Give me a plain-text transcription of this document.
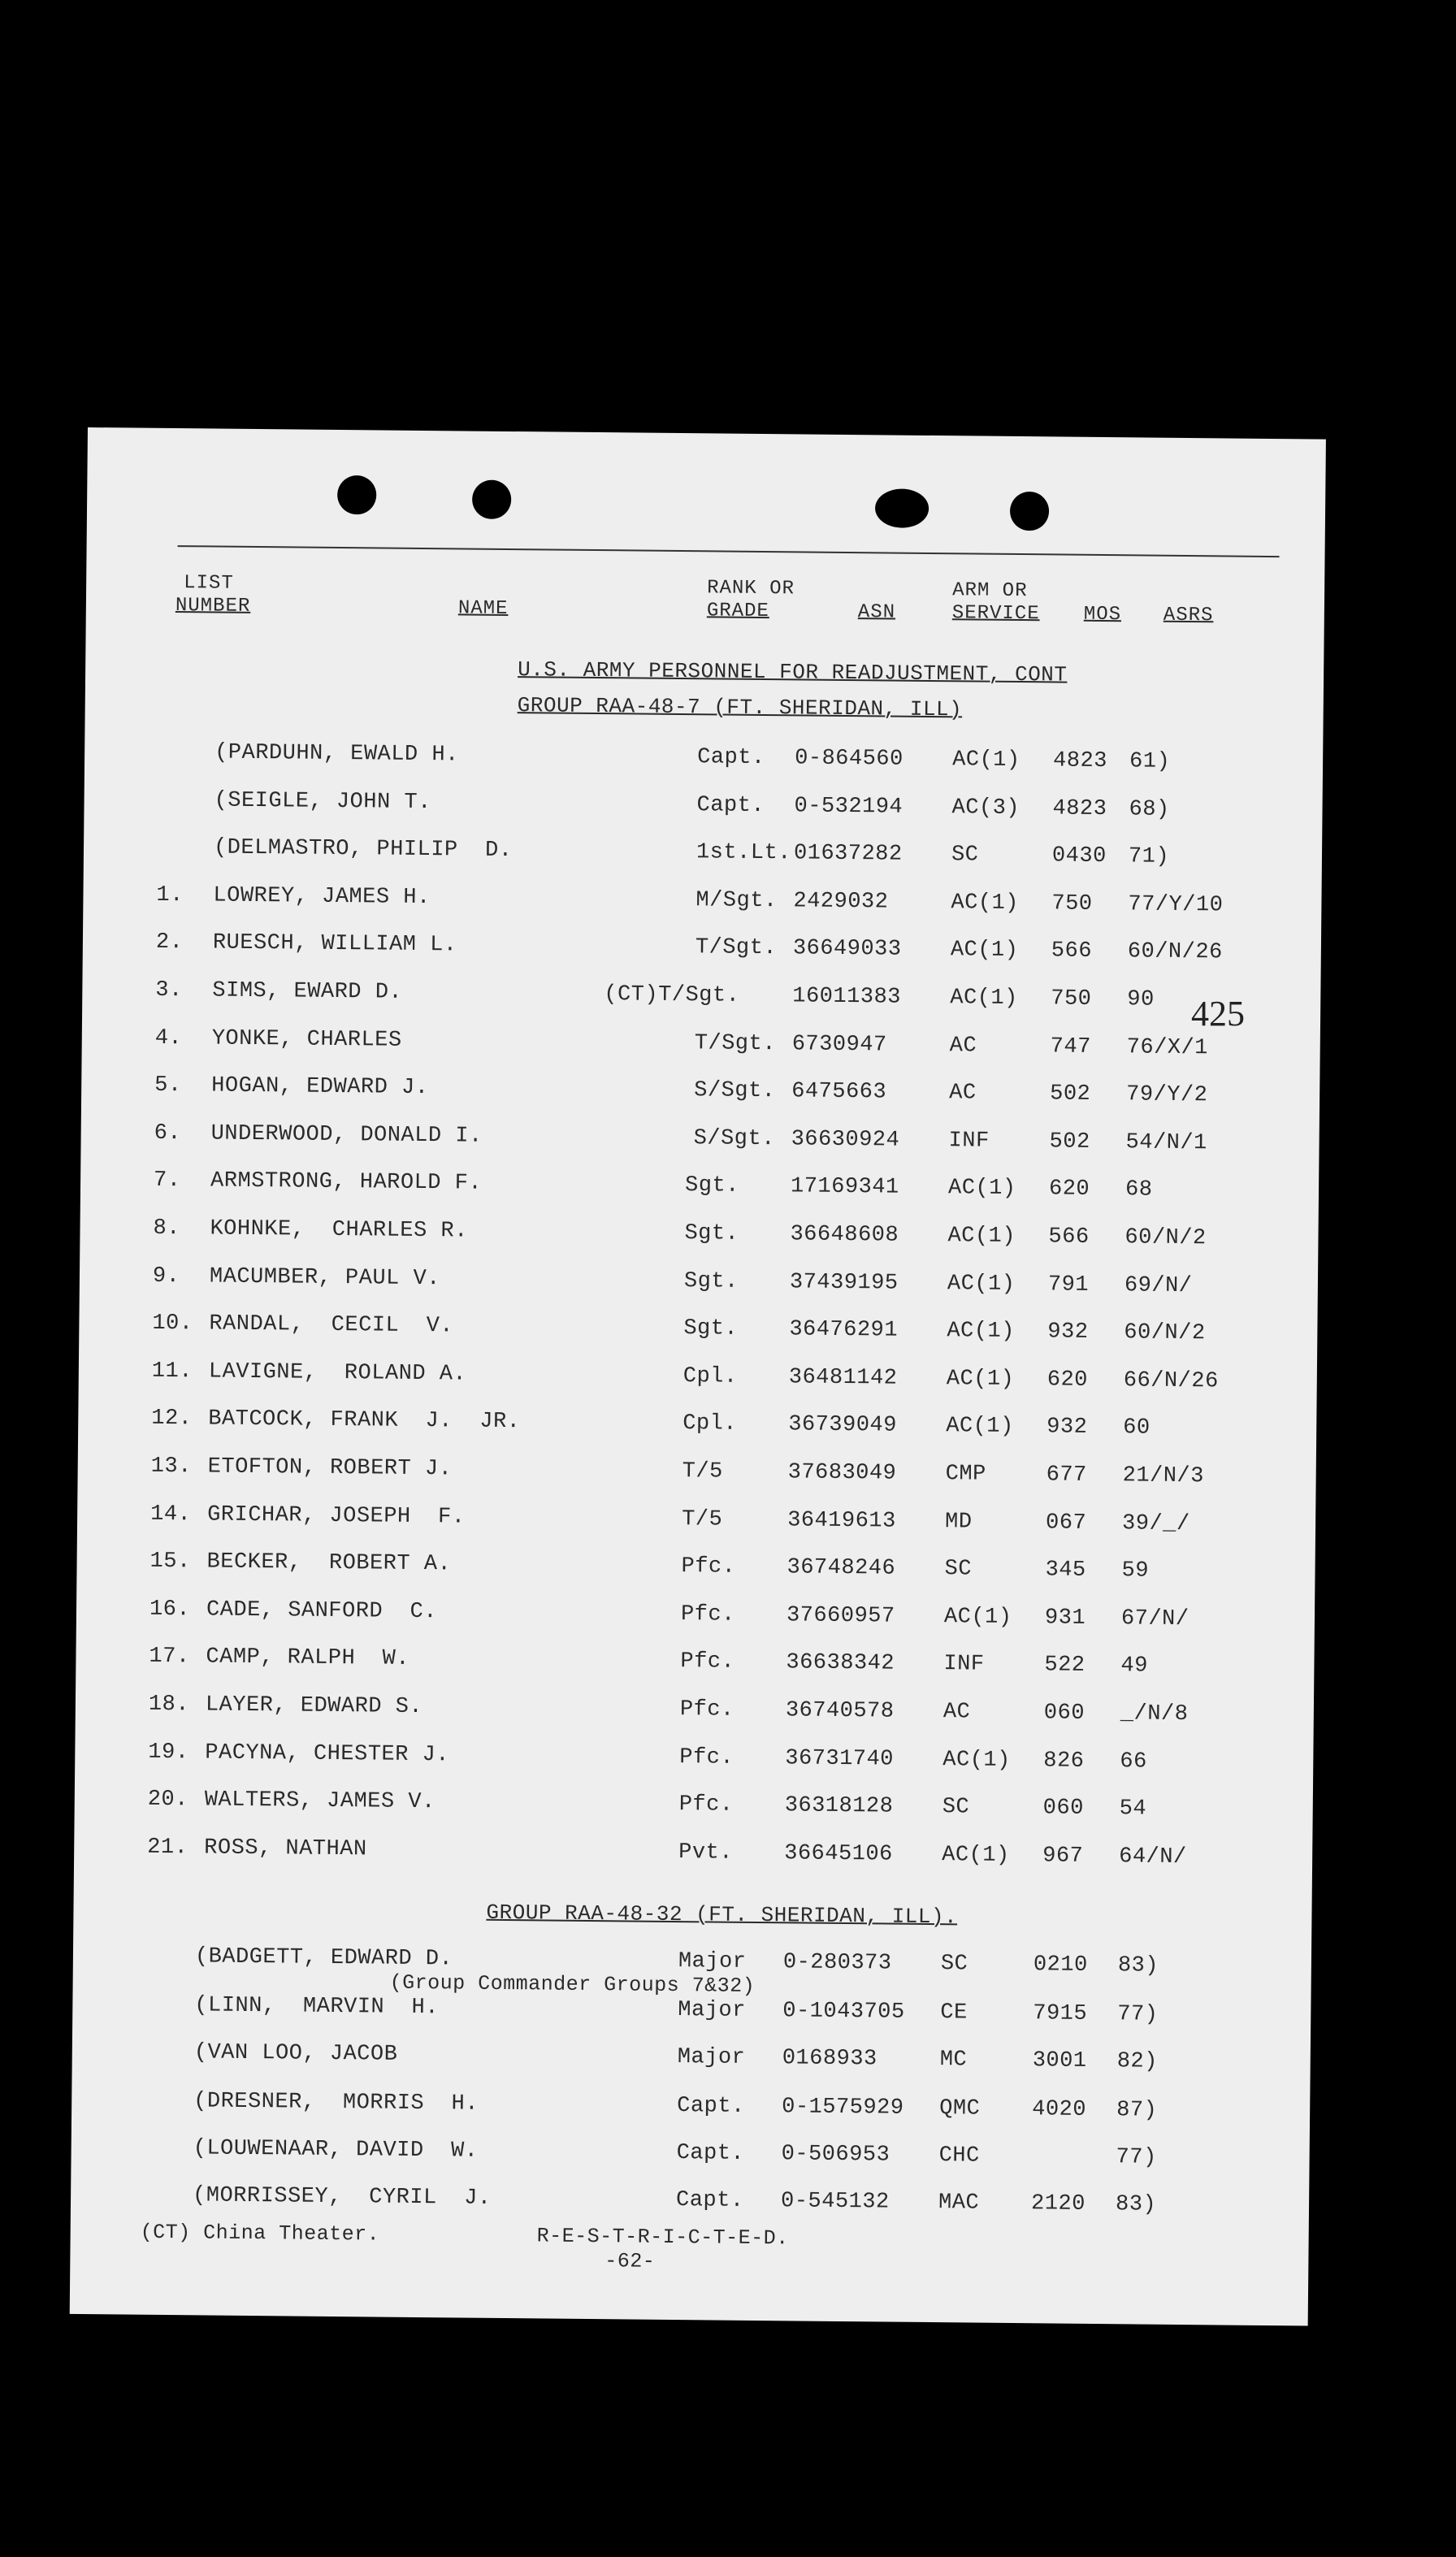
LIST
NUMBER	NAME
RANK OR
GRADE	ASN
ARM OR
SERVICE MOS ASRS
U.S. ARMY PERSONNEL FOR READJUSTMENT, CONT
GROUP RAA-48-7 (FT. SHERIDAN, ILL)
(PARDUHN, EWALD H.	Capt. 0-864560 AC(1) 4823 61)
(SEIGLE, JOHN T.	Capt. 0-532194 AC(3) 4823 68)
(DELMASTRO, PHILIP  D.	1st.Lt. 01637282 SC	0430 71)
1. LOWREY, JAMES H.	M/Sgt. 2429032	AC(1) 750 77/Y/10
2. RUESCH, WILLIAM L.	T/Sgt. 36649033 AC(1) 566 60/N/26
3. SIMS, EWARD D.	(CT)T/Sgt. 16011383 AC(1) 750 90
4. YONKE, CHARLES	T/Sgt. 6730947	AC	747 76/X/1
5. HOGAN, EDWARD J.	S/Sgt. 6475663	AC	502 79/Y/2
6. UNDERWOOD, DONALD I.	S/Sgt. 36630924 INF	502 54/N/1
7. ARMSTRONG, HAROLD F.	Sgt. 17169341 AC(1) 620 68
8. KOHNKE,  CHARLES R.	Sgt. 36648608 AC(1) 566 60/N/2
9. MACUMBER, PAUL V.	Sgt. 37439195 AC(1) 791 69/N/
10. RANDAL,  CECIL  V.	Sgt. 36476291 AC(1) 932 60/N/2
11. LAVIGNE,  ROLAND A.	Cpl. 36481142 AC(1) 620 66/N/26
12. BATCOCK, FRANK  J.  JR.	Cpl. 36739049 AC(1) 932 60
13. ETOFTON, ROBERT J.	T/5	37683049 CMP	677 21/N/3
14. GRICHAR, JOSEPH  F.	T/5	36419613 MD	067 39/_/
15. BECKER,  ROBERT A.	Pfc. 36748246 SC	345 59
16. CADE, SANFORD  C.	Pfc. 37660957 AC(1) 931 67/N/
17. CAMP, RALPH  W.	Pfc. 36638342 INF	522 49
18. LAYER, EDWARD S.	Pfc. 36740578 AC	060 _/N/8
19. PACYNA, CHESTER J.	Pfc. 36731740 AC(1) 826 66
20. WALTERS, JAMES V.	Pfc. 36318128 SC	060 54
21. ROSS, NATHAN	Pvt. 36645106 AC(1) 967 64/N/
GROUP RAA-48-32 (FT. SHERIDAN, ILL).
(BADGETT, EDWARD D.	Major 0-280373 SC	0210 83)
(LINN,  MARVIN  H.	Major 0-1043705 CE	7915 77)
(VAN LOO, JACOB	Major 0168933	MC	3001 82)
(DRESNER,  MORRIS  H.	Capt. 0-1575929 QMC 4020 87)
(LOUWENAAR, DAVID  W.	Capt. 0-506953 CHC	77)
(MORRISSEY,  CYRIL  J.	Capt. 0-545132 MAC 2120 83)
(Group Commander Groups 7&32)
(CT) China Theater.	R-E-S-T-R-I-C-T-E-D.
-62-
425
